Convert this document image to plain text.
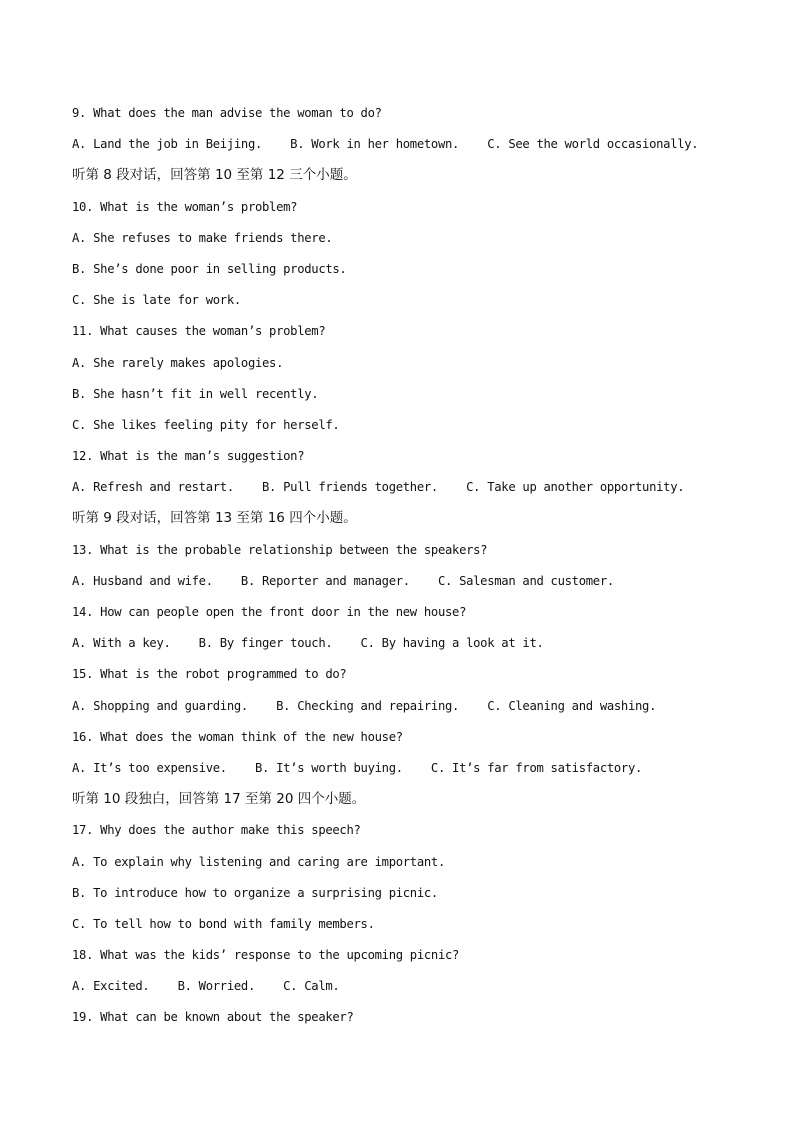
9. What does the man advise the woman to do?
A. Land the job in Beijing.    B. Work in her hometown.    C. See the world occasionally.
听第 8 段对话，回答第 10 至第 12 三个小题。
10. What is the woman’s problem?
A. She refuses to make friends there.
B. She’s done poor in selling products.
C. She is late for work.
11. What causes the woman’s problem?
A. She rarely makes apologies.
B. She hasn’t fit in well recently.
C. She likes feeling pity for herself.
12. What is the man’s suggestion?
A. Refresh and restart.    B. Pull friends together.    C. Take up another opportunity.
听第 9 段对话，回答第 13 至第 16 四个小题。
13. What is the probable relationship between the speakers?
A. Husband and wife.    B. Reporter and manager.    C. Salesman and customer.
14. How can people open the front door in the new house?
A. With a key.    B. By finger touch.    C. By having a look at it.
15. What is the robot programmed to do?
A. Shopping and guarding.    B. Checking and repairing.    C. Cleaning and washing.
16. What does the woman think of the new house?
A. It’s too expensive.    B. It’s worth buying.    C. It’s far from satisfactory.
听第 10 段独白，回答第 17 至第 20 四个小题。
17. Why does the author make this speech?
A. To explain why listening and caring are important.
B. To introduce how to organize a surprising picnic.
C. To tell how to bond with family members.
18. What was the kids’ response to the upcoming picnic?
A. Excited.    B. Worried.    C. Calm.
19. What can be known about the speaker?
